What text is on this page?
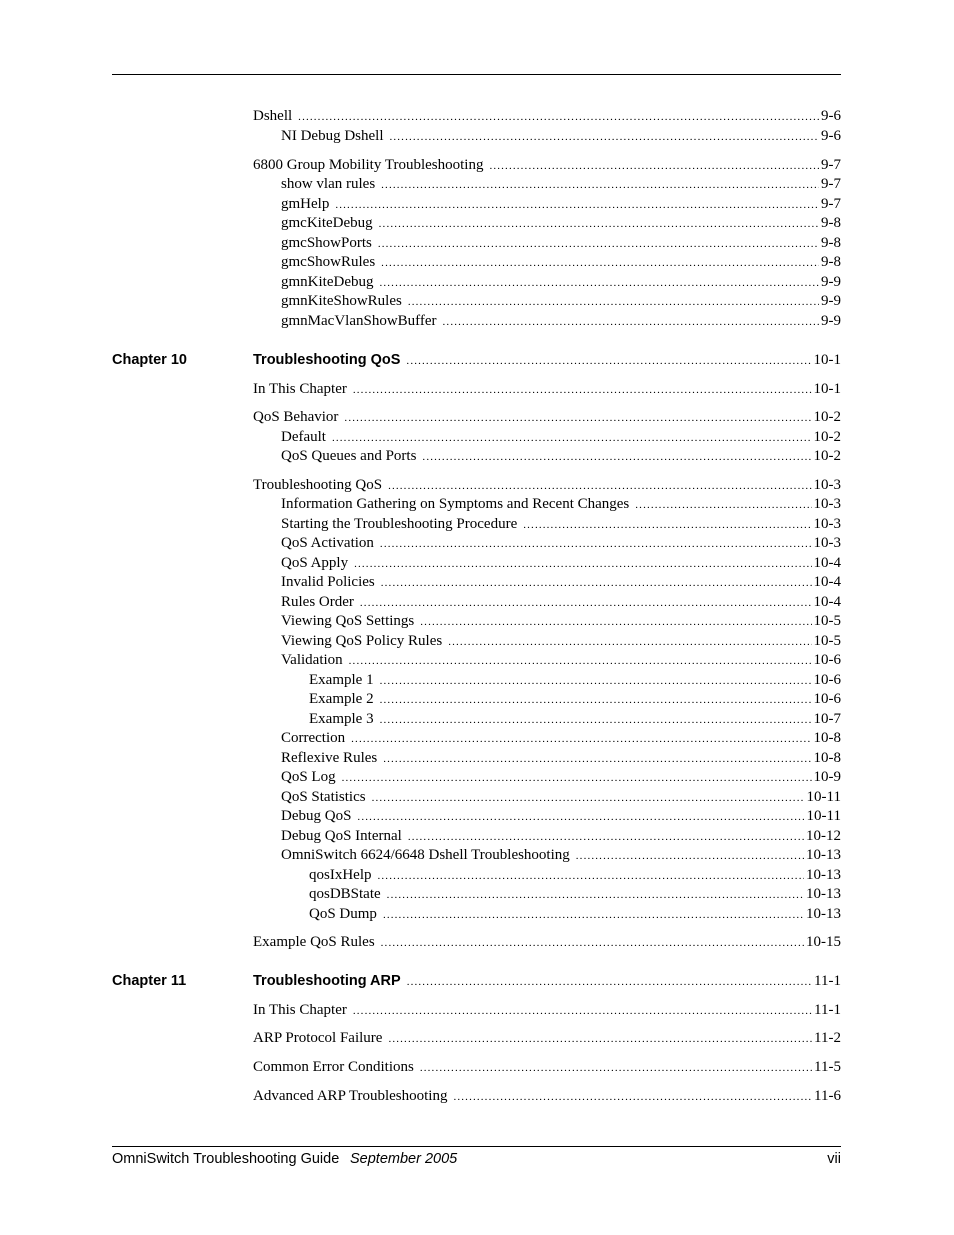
Dshell . . .	9-6
NI Debug Dshell . . .	9-6
6800 Group Mobility Troubleshooting . . .	9-7
show vlan rules . . .	9-7
gmHelp . . .	9-7
gmcKiteDebug . . .	9-8
gmcShowPorts . . .	9-8
gmcShowRules . . .	9-8
gmnKiteDebug . . .	9-9
gmnKiteShowRules . . .	9-9
gmnMacVlanShowBuffer . . .	9-9
Chapter 10	Troubleshooting QoS . . .	10-1
In This Chapter . . .	10-1
QoS Behavior . . .	10-2
Default . . .	10-2
QoS Queues and Ports . . .	10-2
Troubleshooting QoS . . .	10-3
Information Gathering on Symptoms and Recent Changes . . .	10-3
Starting the Troubleshooting Procedure . . .	10-3
QoS Activation . . .	10-3
QoS Apply . . .	10-4
Invalid Policies . . .	10-4
Rules Order . . .	10-4
Viewing QoS Settings . . .	10-5
Viewing QoS Policy Rules . . .	10-5
Validation . . .	10-6
Example 1 . . .	10-6
Example 2 . . .	10-6
Example 3 . . .	10-7
Correction . . .	10-8
Reflexive Rules . . .	10-8
QoS Log . . .	10-9
QoS Statistics . . .	10-11
Debug QoS . . .	10-11
Debug QoS Internal . . .	10-12
OmniSwitch 6624/6648 Dshell Troubleshooting . . .	10-13
qosIxHelp . . .	10-13
qosDBState . . .	10-13
QoS Dump . . .	10-13
Example QoS Rules . . .	10-15
Chapter 11	Troubleshooting ARP . . .	11-1
In This Chapter . . .	11-1
ARP Protocol Failure . . .	11-2
Common Error Conditions . . .	11-5
Advanced ARP Troubleshooting . . .	11-6
OmniSwitch Troubleshooting Guide September 2005	vii
